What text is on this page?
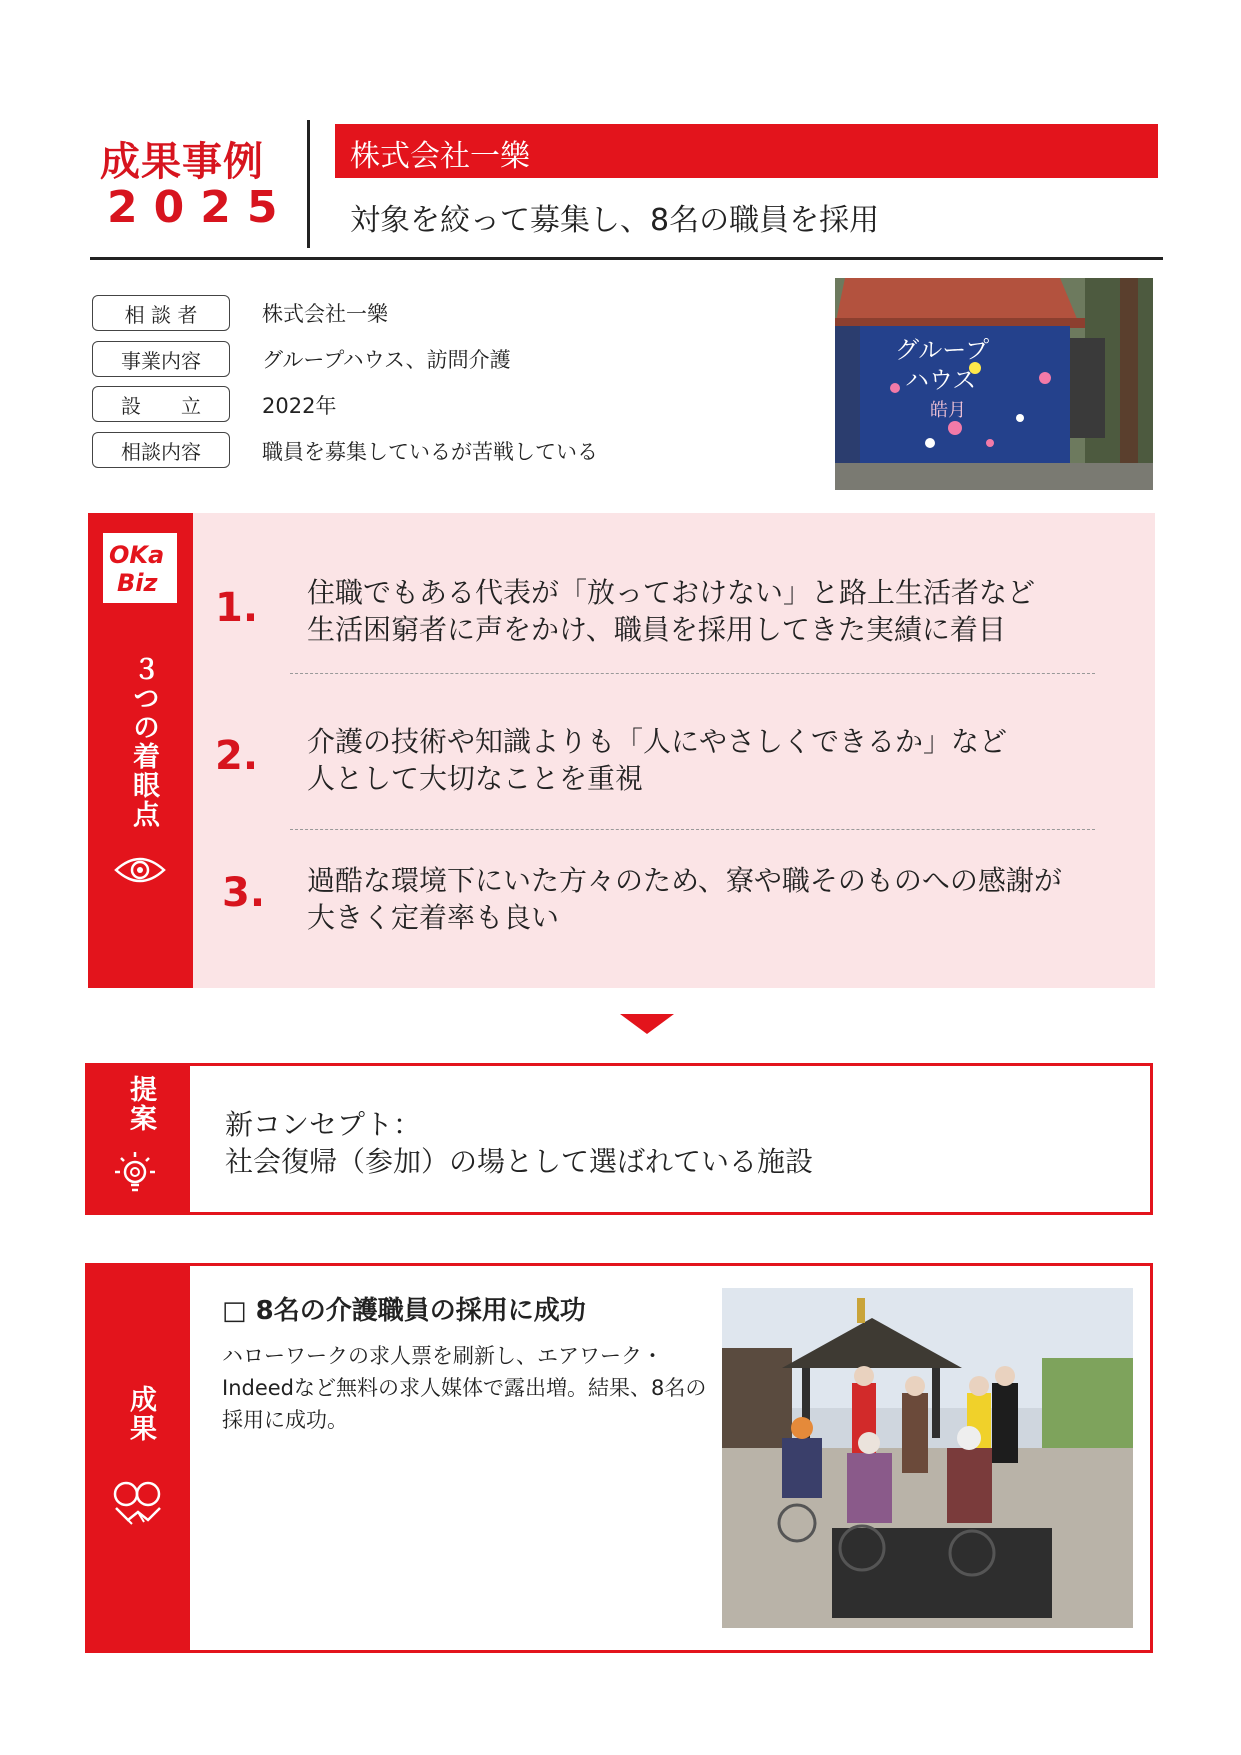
成果事例
2025
株式会社一樂
対象を絞って募集し、8名の職員を採用
相 談 者	株式会社一樂
事業内容	グループハウス、訪問介護
設　　立	2022年
相談内容	職員を募集しているが苦戦している
グループ
ハウス
皓月
OKa
Biz
３つの着眼点
1. 住職でもある代表が「放っておけない」と路上生活者など
生活困窮者に声をかけ、職員を採用してきた実績に着目
2. 介護の技術や知識よりも「人にやさしくできるか」など
人として大切なことを重視
3. 過酷な環境下にいた方々のため、寮や職そのものへの感謝が
大きく定着率も良い
提案 新コンセプト：
社会復帰（参加）の場として選ばれている施設
成果
□ 8名の介護職員の採用に成功
ハローワークの求人票を刷新し、エアワーク・Indeedなど無料の求人媒体で露出増。結果、8名の採用に成功。
